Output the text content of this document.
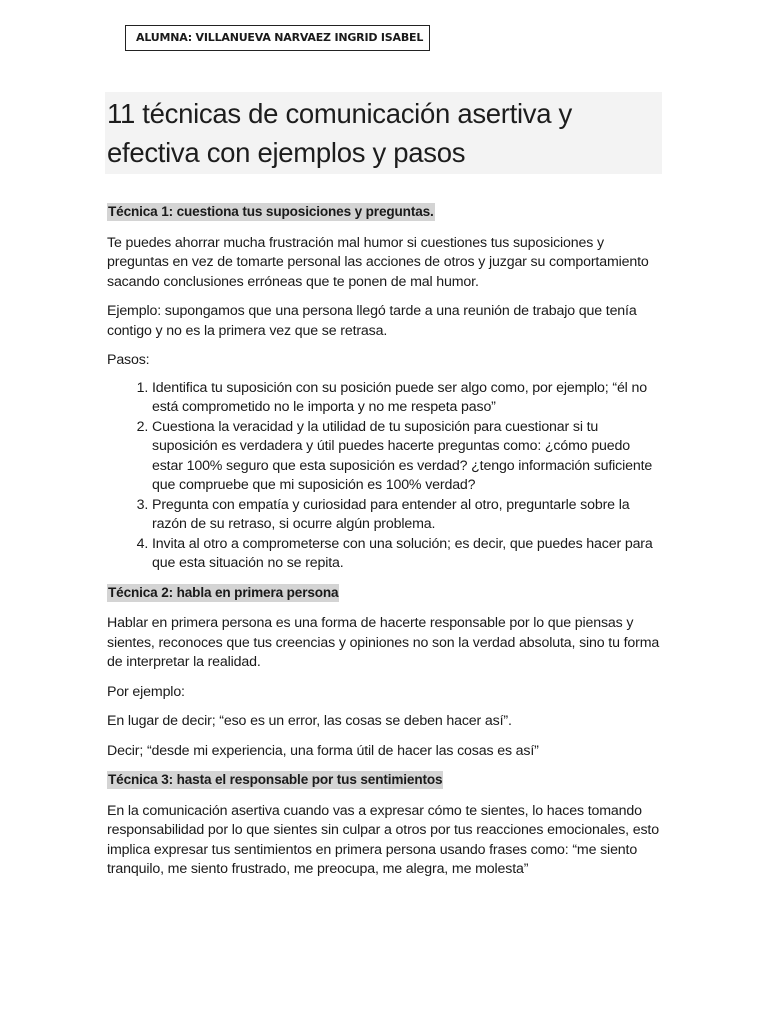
ALUMNA: VILLANUEVA NARVAEZ INGRID ISABEL
11 técnicas de comunicación asertiva y efectiva con ejemplos y pasos
Técnica 1: cuestiona tus suposiciones y preguntas.

Te puedes ahorrar mucha frustración mal humor si cuestiones tus suposiciones y preguntas en vez de tomarte personal las acciones de otros y juzgar su comportamiento sacando conclusiones erróneas que te ponen de mal humor.

Ejemplo: supongamos que una persona llegó tarde a una reunión de trabajo que tenía contigo y no es la primera vez que se retrasa.

Pasos:

1. Identifica tu suposición con su posición puede ser algo como, por ejemplo; “él no está comprometido no le importa y no me respeta paso”
2. Cuestiona la veracidad y la utilidad de tu suposición para cuestionar si tu suposición es verdadera y útil puedes hacerte preguntas como: ¿cómo puedo estar 100% seguro que esta suposición es verdad? ¿tengo información suficiente que compruebe que mi suposición es 100% verdad?
3. Pregunta con empatía y curiosidad para entender al otro, preguntarle sobre la razón de su retraso, si ocurre algún problema.
4. Invita al otro a comprometerse con una solución; es decir, que puedes hacer para que esta situación no se repita.
Técnica 2: habla en primera persona

Hablar en primera persona es una forma de hacerte responsable por lo que piensas y sientes, reconoces que tus creencias y opiniones no son la verdad absoluta, sino tu forma de interpretar la realidad.

Por ejemplo:

En lugar de decir; “eso es un error, las cosas se deben hacer así”.

Decir; “desde mi experiencia, una forma útil de hacer las cosas es así”

Técnica 3: hasta el responsable por tus sentimientos

En la comunicación asertiva cuando vas a expresar cómo te sientes, lo haces tomando responsabilidad por lo que sientes sin culpar a otros por tus reacciones emocionales, esto implica expresar tus sentimientos en primera persona usando frases como: “me siento tranquilo, me siento frustrado, me preocupa, me alegra, me molesta”
